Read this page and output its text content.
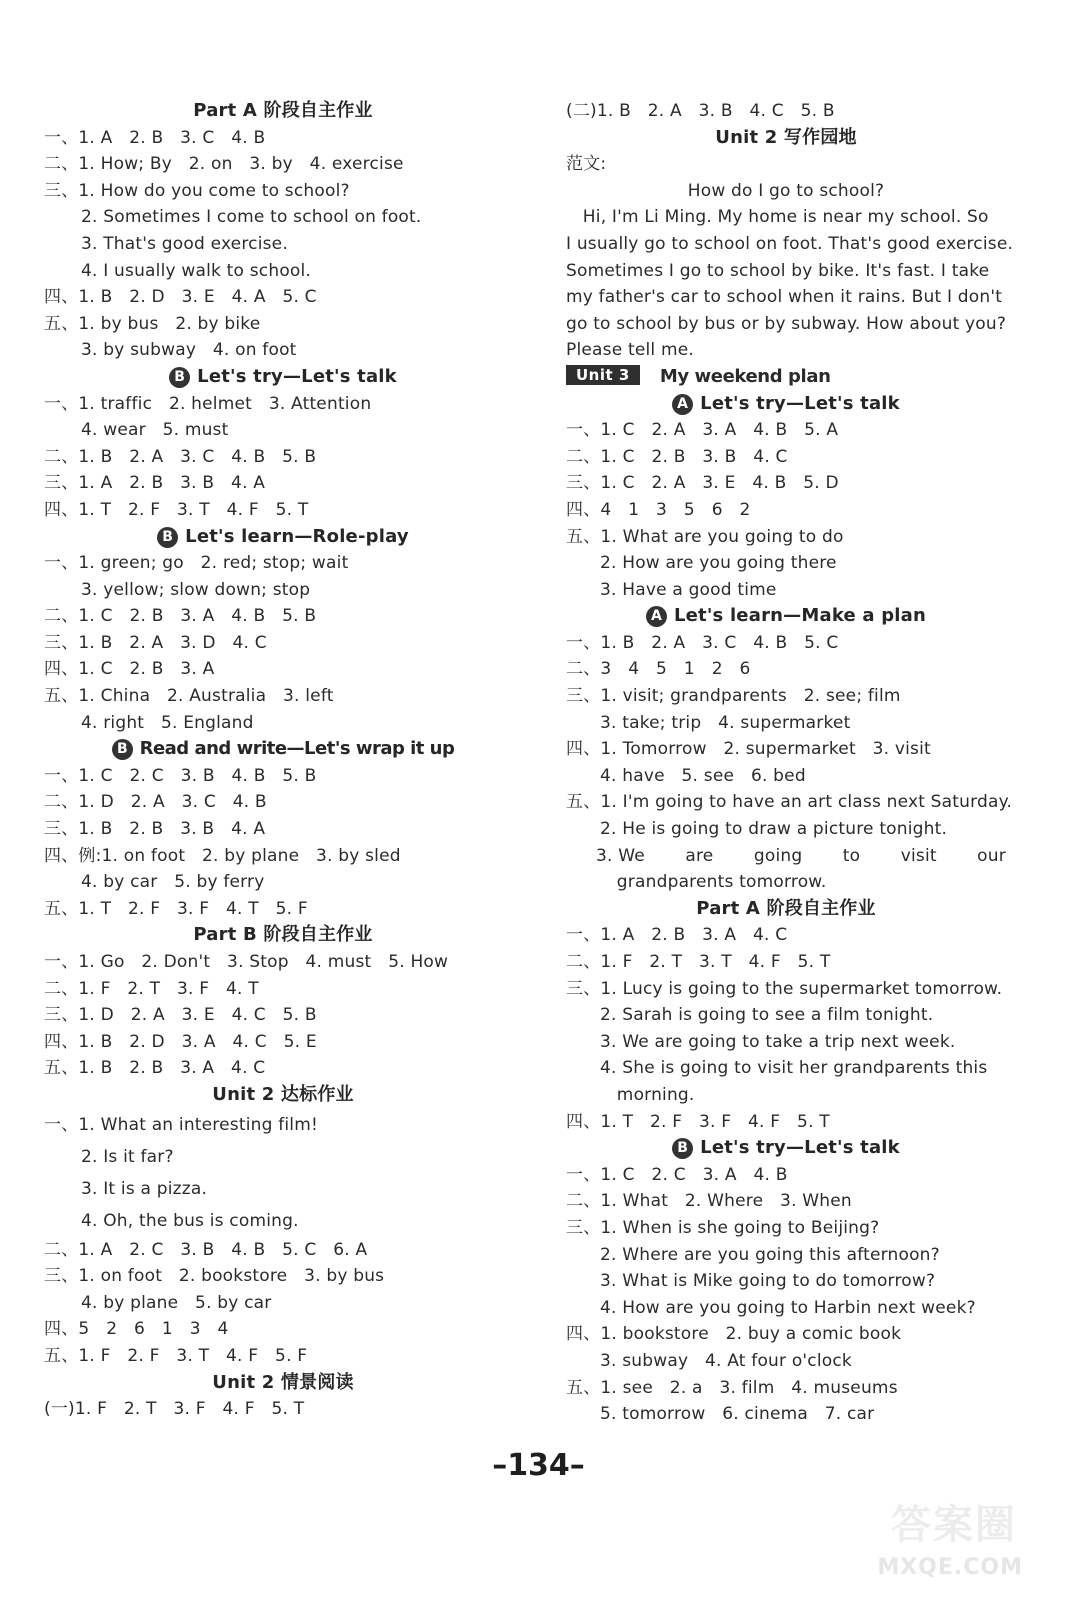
Part A 阶段自主作业
一、1. A   2. B   3. C   4. B
二、1. How; By   2. on   3. by   4. exercise
三、1. How do you come to school?
2. Sometimes I come to school on foot.
3. That's good exercise.
4. I usually walk to school.
四、1. B   2. D   3. E   4. A   5. C
五、1. by bus   2. by bike
3. by subway   4. on foot
B Let's try—Let's talk
一、1. traffic   2. helmet   3. Attention
4. wear   5. must
二、1. B   2. A   3. C   4. B   5. B
三、1. A   2. B   3. B   4. A
四、1. T   2. F   3. T   4. F   5. T
B Let's learn—Role-play
一、1. green; go   2. red; stop; wait
3. yellow; slow down; stop
二、1. C   2. B   3. A   4. B   5. B
三、1. B   2. A   3. D   4. C
四、1. C   2. B   3. A
五、1. China   2. Australia   3. left
4. right   5. England
B Read and write—Let's wrap it up
一、1. C   2. C   3. B   4. B   5. B
二、1. D   2. A   3. C   4. B
三、1. B   2. B   3. B   4. A
四、例:1. on foot   2. by plane   3. by sled
4. by car   5. by ferry
五、1. T   2. F   3. F   4. T   5. F
Part B 阶段自主作业
一、1. Go   2. Don't   3. Stop   4. must   5. How
二、1. F   2. T   3. F   4. T
三、1. D   2. A   3. E   4. C   5. B
四、1. B   2. D   3. A   4. C   5. E
五、1. B   2. B   3. A   4. C
Unit 2 达标作业
一、1. What an interesting film!
2. Is it far?
3. It is a pizza.
4. Oh, the bus is coming.
二、1. A   2. C   3. B   4. B   5. C   6. A
三、1. on foot   2. bookstore   3. by bus
4. by plane   5. by car
四、5   2   6   1   3   4
五、1. F   2. F   3. T   4. F   5. F
Unit 2 情景阅读
(一)1. F   2. T   3. F   4. F   5. T
(二)1. B   2. A   3. B   4. C   5. B
Unit 2 写作园地
范文:
How do I go to school?
Hi, I'm Li Ming. My home is near my school. So
I usually go to school on foot. That's good exercise.
Sometimes I go to school by bike. It's fast. I take
my father's car to school when it rains. But I don't
go to school by bus or by subway. How about you?
Please tell me.
Unit 3 My weekend plan
A Let's try—Let's talk
一、1. C   2. A   3. A   4. B   5. A
二、1. C   2. B   3. B   4. C
三、1. C   2. A   3. E   4. B   5. D
四、4   1   3   5   6   2
五、1. What are you going to do
2. How are you going there
3. Have a good time
A Let's learn—Make a plan
一、1. B   2. A   3. C   4. B   5. C
二、3   4   5   1   2   6
三、1. visit; grandparents   2. see; film
3. take; trip   4. supermarket
四、1. Tomorrow   2. supermarket   3. visit
4. have   5. see   6. bed
五、1. I'm going to have an art class next Saturday.
2. He is going to draw a picture tonight.
3. We are going to visit our
grandparents tomorrow.
Part A 阶段自主作业
一、1. A   2. B   3. A   4. C
二、1. F   2. T   3. T   4. F   5. T
三、1. Lucy is going to the supermarket tomorrow.
2. Sarah is going to see a film tonight.
3. We are going to take a trip next week.
4. She is going to visit her grandparents this
morning.
四、1. T   2. F   3. F   4. F   5. T
B Let's try—Let's talk
一、1. C   2. C   3. A   4. B
二、1. What   2. Where   3. When
三、1. When is she going to Beijing?
2. Where are you going this afternoon?
3. What is Mike going to do tomorrow?
4. How are you going to Harbin next week?
四、1. bookstore   2. buy a comic book
3. subway   4. At four o'clock
五、1. see   2. a   3. film   4. museums
5. tomorrow   6. cinema   7. car
–134–
答案圈
MXQE.COM
